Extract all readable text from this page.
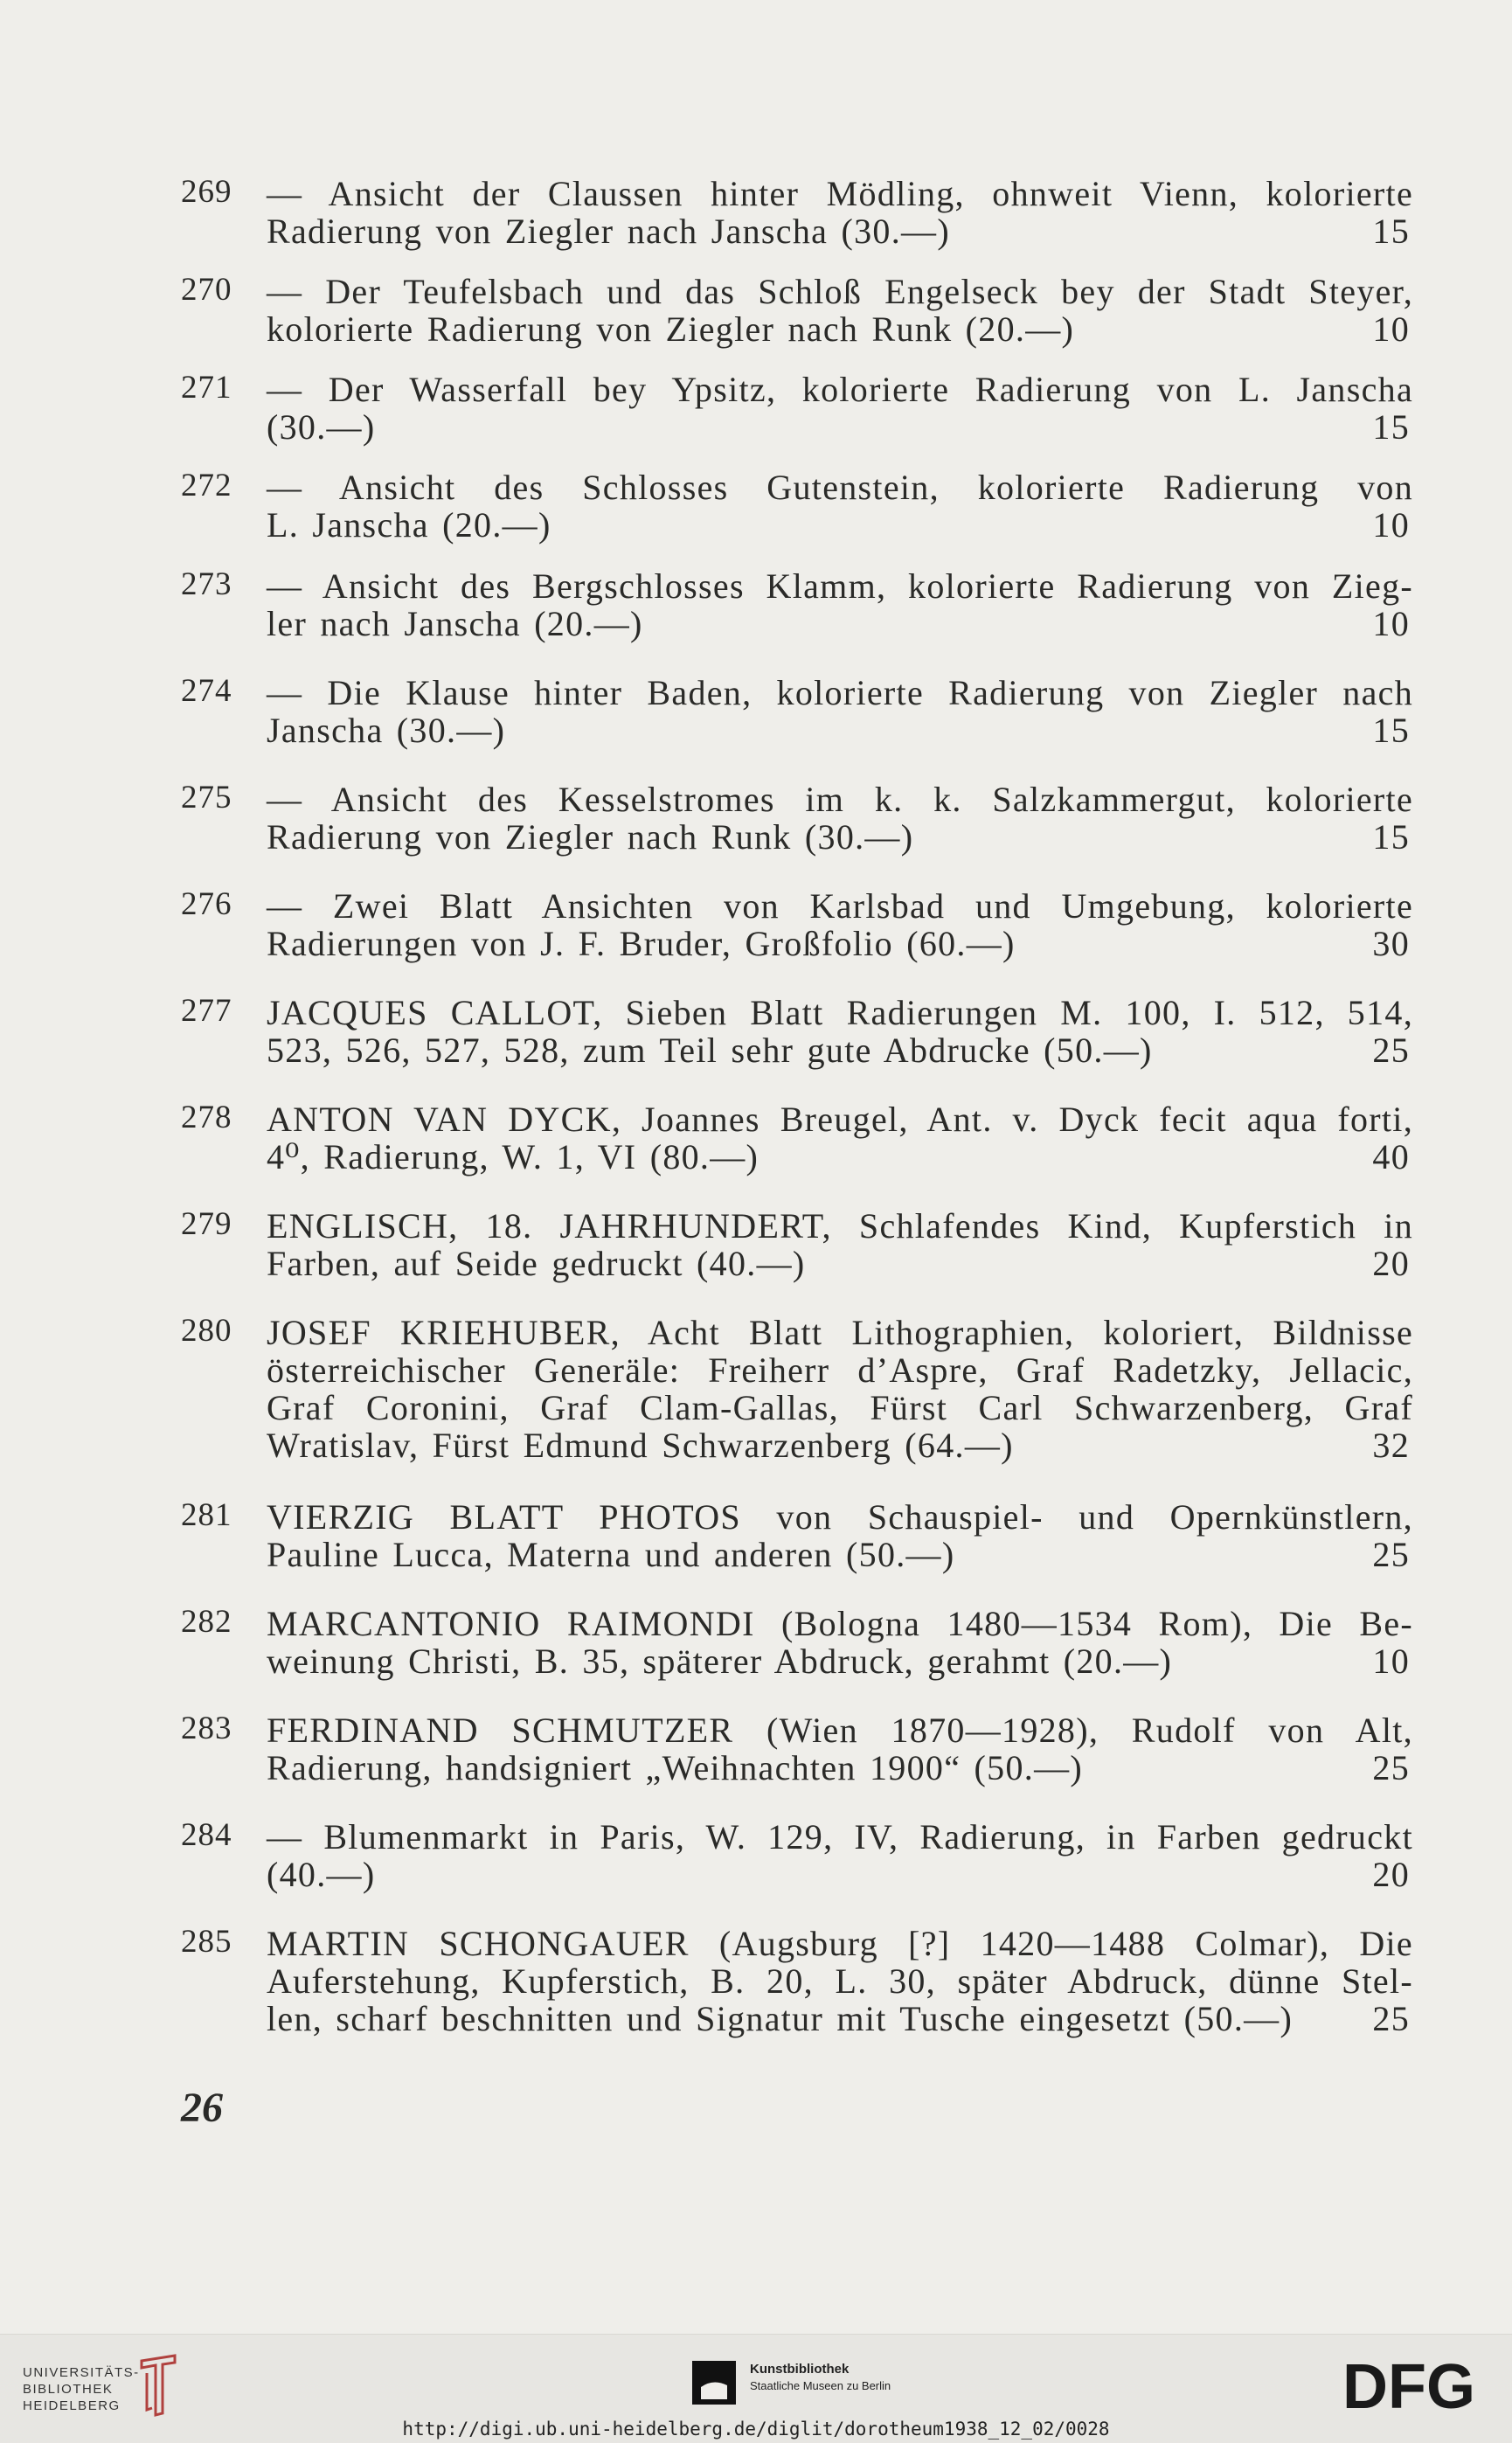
269 — Ansicht der Claussen hinter Mödling, ohnweit Vienn, kolorierte
Radierung von Ziegler nach Janscha (30.—)	15
270 — Der Teufelsbach und das Schloß Engelseck bey der Stadt Steyer,
kolorierte Radierung von Ziegler nach Runk (20.—)	10
271 — Der Wasserfall bey Ypsitz, kolorierte Radierung von L. Janscha
(30.—)	15
272 — Ansicht des Schlosses Gutenstein, kolorierte Radierung von
L. Janscha (20.—)	10
273 — Ansicht des Bergschlosses Klamm, kolorierte Radierung von Zieg-
ler nach Janscha (20.—)	10
274 — Die Klause hinter Baden, kolorierte Radierung von Ziegler nach
Janscha (30.—)	15
275 — Ansicht des Kesselstromes im k. k. Salzkammergut, kolorierte
Radierung von Ziegler nach Runk (30.—)	15
276 — Zwei Blatt Ansichten von Karlsbad und Umgebung, kolorierte
Radierungen von J. F. Bruder, Großfolio (60.—)	30
277 JACQUES CALLOT, Sieben Blatt Radierungen M. 100, I. 512, 514,
523, 526, 527, 528, zum Teil sehr gute Abdrucke (50.—)	25
278 ANTON VAN DYCK, Joannes Breugel, Ant. v. Dyck fecit aqua forti,
4⁰, Radierung, W. 1, VI (80.—)	40
279 ENGLISCH, 18. JAHRHUNDERT, Schlafendes Kind, Kupferstich in
Farben, auf Seide gedruckt (40.—)	20
280 JOSEF KRIEHUBER, Acht Blatt Lithographien, koloriert, Bildnisse
österreichischer Generäle: Freiherr d’Aspre, Graf Radetzky, Jellacic,
Graf Coronini, Graf Clam-Gallas, Fürst Carl Schwarzenberg, Graf
Wratislav, Fürst Edmund Schwarzenberg (64.—)	32
281 VIERZIG BLATT PHOTOS von Schauspiel- und Opernkünstlern,
Pauline Lucca, Materna und anderen (50.—)	25
282 MARCANTONIO RAIMONDI (Bologna 1480—1534 Rom), Die Be-
weinung Christi, B. 35, späterer Abdruck, gerahmt (20.—)	10
283 FERDINAND SCHMUTZER (Wien 1870—1928), Rudolf von Alt,
Radierung, handsigniert „Weihnachten 1900“ (50.—)	25
284 — Blumenmarkt in Paris, W. 129, IV, Radierung, in Farben gedruckt
(40.—)	20
285 MARTIN SCHONGAUER (Augsburg [?] 1420—1488 Colmar), Die
Auferstehung, Kupferstich, B. 20, L. 30, später Abdruck, dünne Stel-
len, scharf beschnitten und Signatur mit Tusche eingesetzt (50.—) 25
26
UNIVERSITÄTS-
BIBLIOTHEK
HEIDELBERG
Kunstbibliothek
Staatliche Museen zu Berlin	DFG
http://digi.ub.uni-heidelberg.de/diglit/dorotheum1938_12_02/0028
